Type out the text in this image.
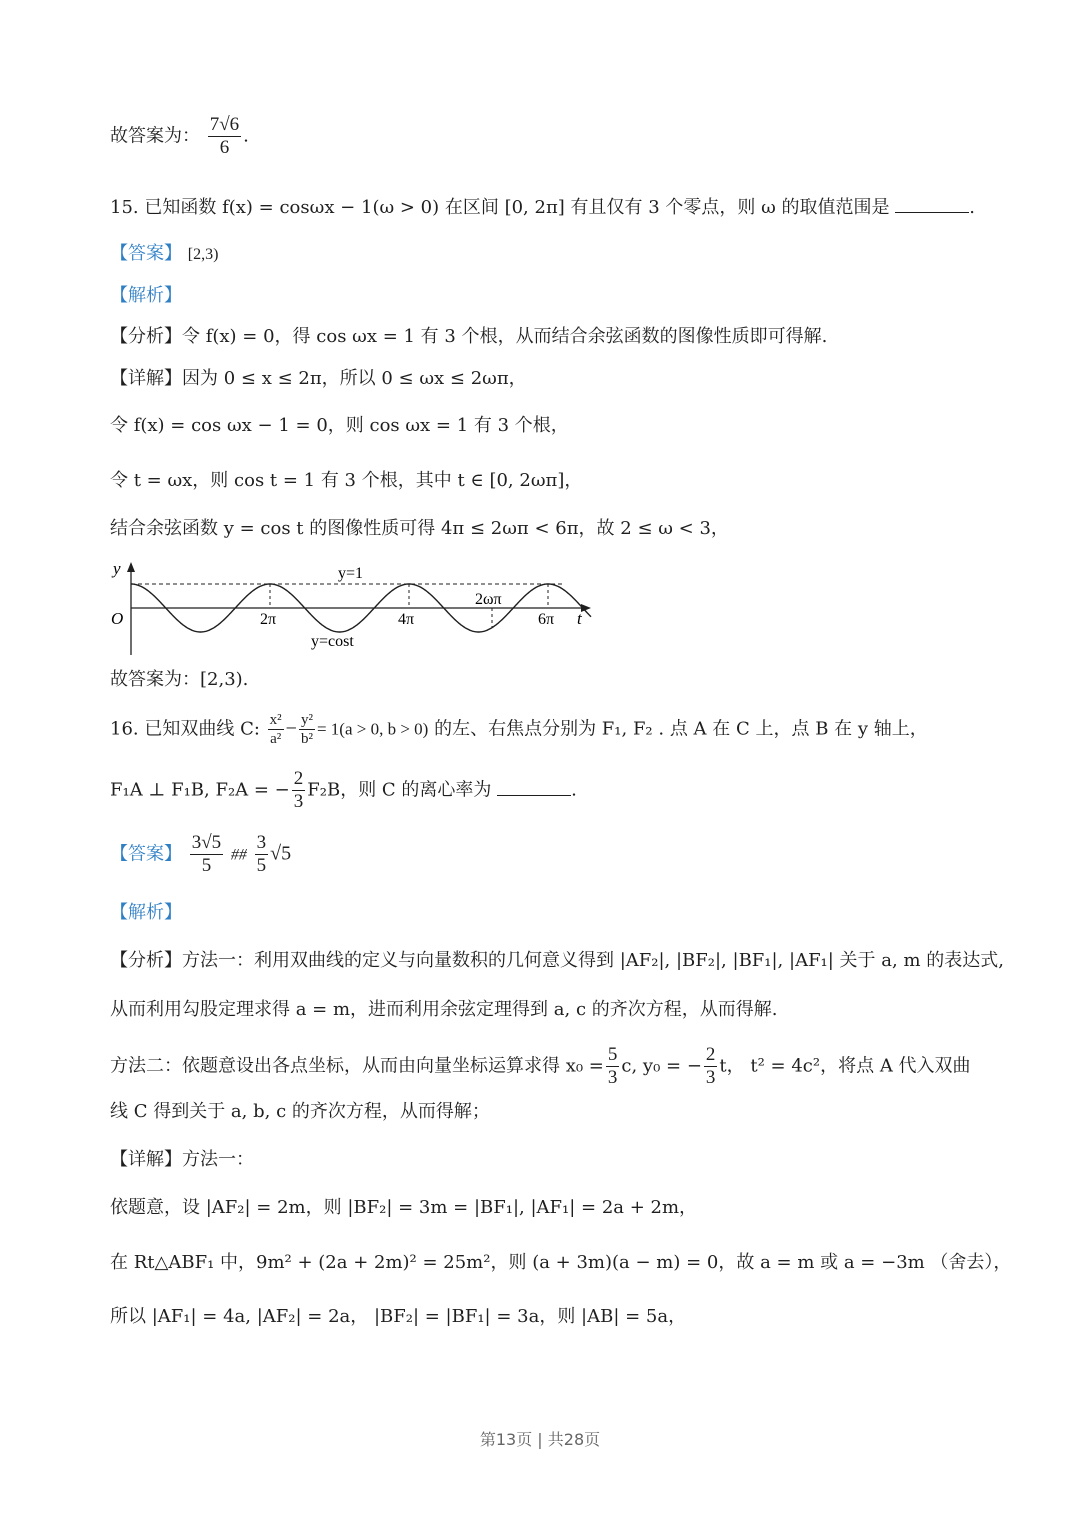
故答案为： $\frac{7√6}{6}$ .
15. 已知函数 f(x) = cosωx − 1(ω > 0) 在区间 [0, 2π] 有且仅有 3 个零点，则 ω 的取值范围是	.
【答案】 [2,3)
【解析】
【分析】令 f(x) = 0，得 cos ωx = 1 有 3 个根，从而结合余弦函数的图像性质即可得解.
【详解】因为 0 ≤ x ≤ 2π，所以 0 ≤ ωx ≤ 2ωπ，
令 f(x) = cos ωx − 1 = 0，则 cos ωx = 1 有 3 个根，
令 t = ωx，则 cos t = 1 有 3 个根，其中 t ∈ [0, 2ωπ]，
结合余弦函数 y = cos t 的图像性质可得 4π ≤ 2ωπ < 6π，故 2 ≤ ω < 3，
y
t
O
y=1
y=cost
2π	4π	6π
2ωπ
故答案为：[2,3).
16. 已知双曲线 C: $\frac{\text{x²}}{\text{a²}} - \frac{\text{y²}}{\text{b²}} = 1(a > 0$, b > 0) 的左、右焦点分别为 F₁, F₂ . 点 A 在 C 上，点 B 在 y 轴上，
F₁A ⊥ F₁B, F₂A = − $\frac{2}{3} F_2B$，则 C 的离心率为	.
【答案】 $\frac{3√5}{5}$ ## $\frac{3}{5} √5$
【解析】
【分析】方法一：利用双曲线的定义与向量数积的几何意义得到 |AF₂|, |BF₂|, |BF₁|, |AF₁| 关于 a, m 的表达式,
从而利用勾股定理求得 a = m，进而利用余弦定理得到 a, c 的齐次方程，从而得解.
方法二：依题意设出各点坐标，从而由向量坐标运算求得 $x_0 = \frac{5}{3} c$, y₀ = − $\frac{2}{3}$ t， t² = 4c²，将点 A 代入双曲
线 C 得到关于 a, b, c 的齐次方程，从而得解；
【详解】方法一：
依题意，设 |AF₂| = 2m，则 |BF₂| = 3m = |BF₁|, |AF₁| = 2a + 2m，
在 Rt△ABF₁ 中，9m² + (2a + 2m)² = 25m²，则 (a + 3m)(a − m) = 0，故 a = m 或 a = −3m （舍去），
所以 |AF₁| = 4a, |AF₂| = 2a， |BF₂| = |BF₁| = 3a，则 |AB| = 5a，
第13页 | 共28页
